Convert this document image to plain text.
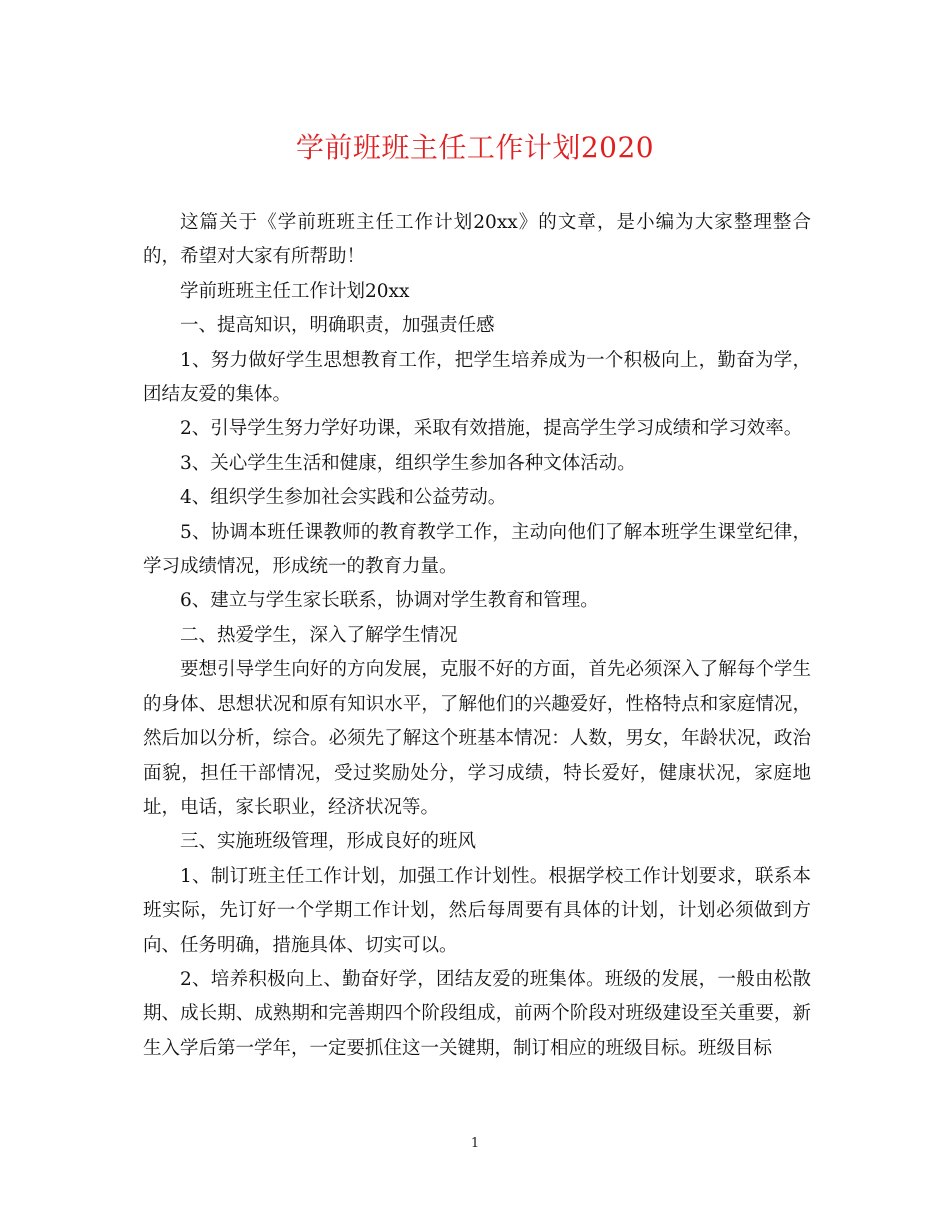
学前班班主任工作计划2020

这篇关于《学前班班主任工作计划20xx》的文章，是小编为大家整理整合的，希望对大家有所帮助！

学前班班主任工作计划20xx

一、提高知识，明确职责，加强责任感

1、努力做好学生思想教育工作，把学生培养成为一个积极向上，勤奋为学，团结友爱的集体。

2、引导学生努力学好功课，采取有效措施，提高学生学习成绩和学习效率。

3、关心学生生活和健康，组织学生参加各种文体活动。

4、组织学生参加社会实践和公益劳动。

5、协调本班任课教师的教育教学工作，主动向他们了解本班学生课堂纪律，学习成绩情况，形成统一的教育力量。

6、建立与学生家长联系，协调对学生教育和管理。

二、热爱学生，深入了解学生情况

要想引导学生向好的方向发展，克服不好的方面，首先必须深入了解每个学生的身体、思想状况和原有知识水平，了解他们的兴趣爱好，性格特点和家庭情况，然后加以分析，综合。必须先了解这个班基本情况：人数，男女，年龄状况，政治面貌，担任干部情况，受过奖励处分，学习成绩，特长爱好，健康状况，家庭地址，电话，家长职业，经济状况等。

三、实施班级管理，形成良好的班风

1、制订班主任工作计划，加强工作计划性。根据学校工作计划要求，联系本班实际，先订好一个学期工作计划，然后每周要有具体的计划，计划必须做到方向、任务明确，措施具体、切实可以。

2、培养积极向上、勤奋好学，团结友爱的班集体。班级的发展，一般由松散期、成长期、成熟期和完善期四个阶段组成，前两个阶段对班级建设至关重要，新生入学后第一学年，一定要抓住这一关键期，制订相应的班级目标。班级目标

1
